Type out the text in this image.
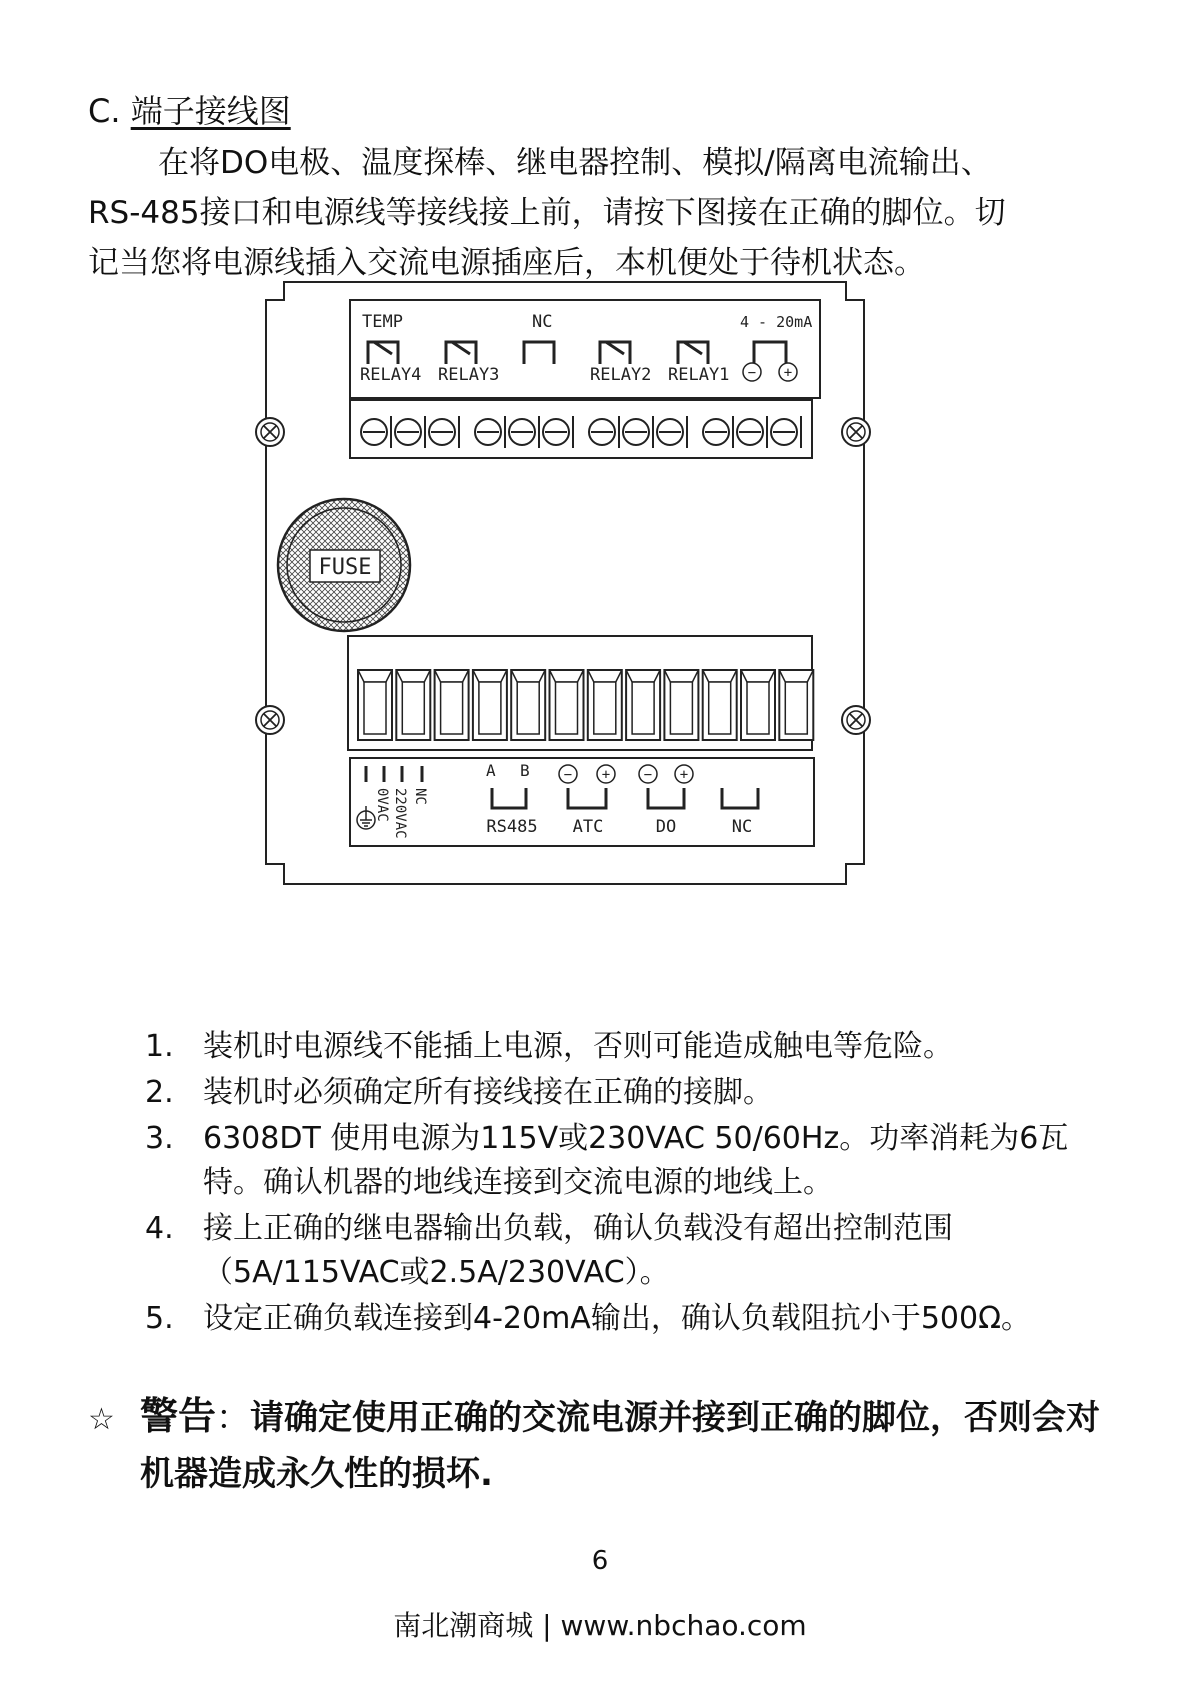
C. 端子接线图

在将DO电极、温度探棒、继电器控制、模拟/隔离电流输出、

RS-485接口和电源线等接线接上前，请按下图接在正确的脚位。切

记当您将电源线插入交流电源插座后，本机便处于待机状态。

TEMP	NC	4 - 20mA
− +
RELAY4 RELAY3	RELAY2 RELAY1
FUSE
0VAC 220VAC NC
A B − + − +
RS485 ATC	DO	NC
1. 装机时电源线不能插上电源，否则可能造成触电等危险。
2. 装机时必须确定所有接线接在正确的接脚。
3. 6308DT 使用电源为115V或230VAC 50/60Hz。功率消耗为6瓦特。确认机器的地线连接到交流电源的地线上。
4. 接上正确的继电器输出负载，确认负载没有超出控制范围（5A/115VAC或2.5A/230VAC）。
5. 设定正确负载连接到4-20mA输出，确认负载阻抗小于500Ω。
☆ 警告：请确定使用正确的交流电源并接到正确的脚位，否则会对机器造成永久性的损坏.
6
南北潮商城 | www.nbchao.com
